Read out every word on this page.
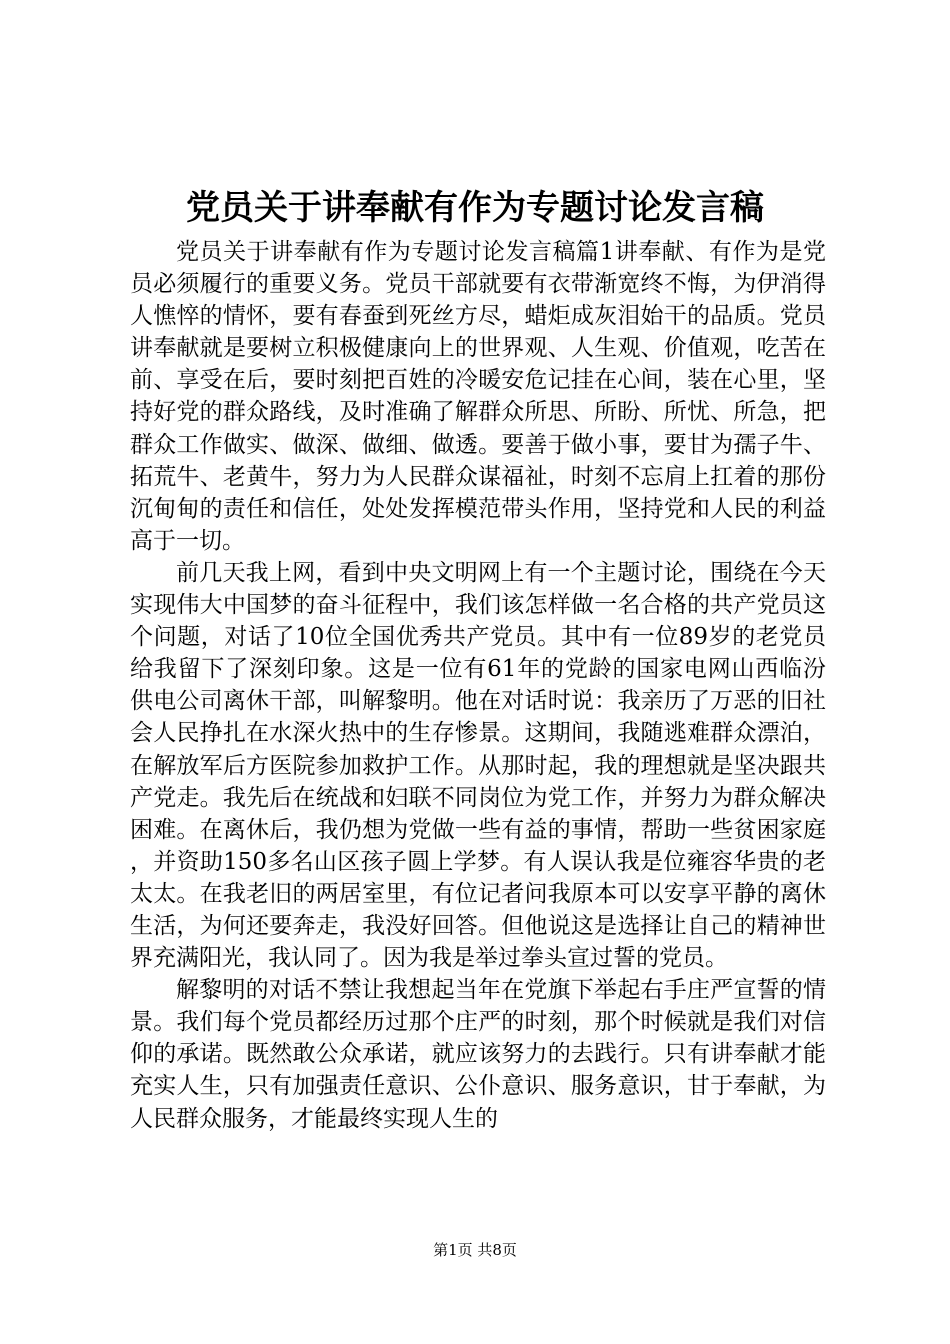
党员关于讲奉献有作为专题讨论发言稿

党员关于讲奉献有作为专题讨论发言稿篇1讲奉献、有作为是党员必须履行的重要义务。党员干部就要有衣带渐宽终不悔，为伊消得人憔悴的情怀，要有春蚕到死丝方尽，蜡炬成灰泪始干的品质。党员讲奉献就是要树立积极健康向上的世界观、人生观、价值观，吃苦在前、享受在后，要时刻把百姓的冷暖安危记挂在心间，装在心里，坚持好党的群众路线，及时准确了解群众所思、所盼、所忧、所急，把群众工作做实、做深、做细、做透。要善于做小事，要甘为孺子牛、拓荒牛、老黄牛，努力为人民群众谋福祉，时刻不忘肩上扛着的那份沉甸甸的责任和信任，处处发挥模范带头作用，坚持党和人民的利益高于一切。

前几天我上网，看到中央文明网上有一个主题讨论，围绕在今天实现伟大中国梦的奋斗征程中，我们该怎样做一名合格的共产党员这个问题，对话了10位全国优秀共产党员。其中有一位89岁的老党员给我留下了深刻印象。这是一位有61年的党龄的国家电网山西临汾供电公司离休干部，叫解黎明。他在对话时说：我亲历了万恶的旧社会人民挣扎在水深火热中的生存惨景。这期间，我随逃难群众漂泊，在解放军后方医院参加救护工作。从那时起，我的理想就是坚决跟共产党走。我先后在统战和妇联不同岗位为党工作，并努力为群众解决困难。在离休后，我仍想为党做一些有益的事情，帮助一些贫困家庭，并资助150多名山区孩子圆上学梦。有人误认我是位雍容华贵的老太太。在我老旧的两居室里，有位记者问我原本可以安享平静的离休生活，为何还要奔走，我没好回答。但他说这是选择让自己的精神世界充满阳光，我认同了。因为我是举过拳头宣过誓的党员。

解黎明的对话不禁让我想起当年在党旗下举起右手庄严宣誓的情景。我们每个党员都经历过那个庄严的时刻，那个时候就是我们对信仰的承诺。既然敢公众承诺，就应该努力的去践行。只有讲奉献才能充实人生，只有加强责任意识、公仆意识、服务意识，甘于奉献，为人民群众服务，才能最终实现人生的

第1页 共8页
